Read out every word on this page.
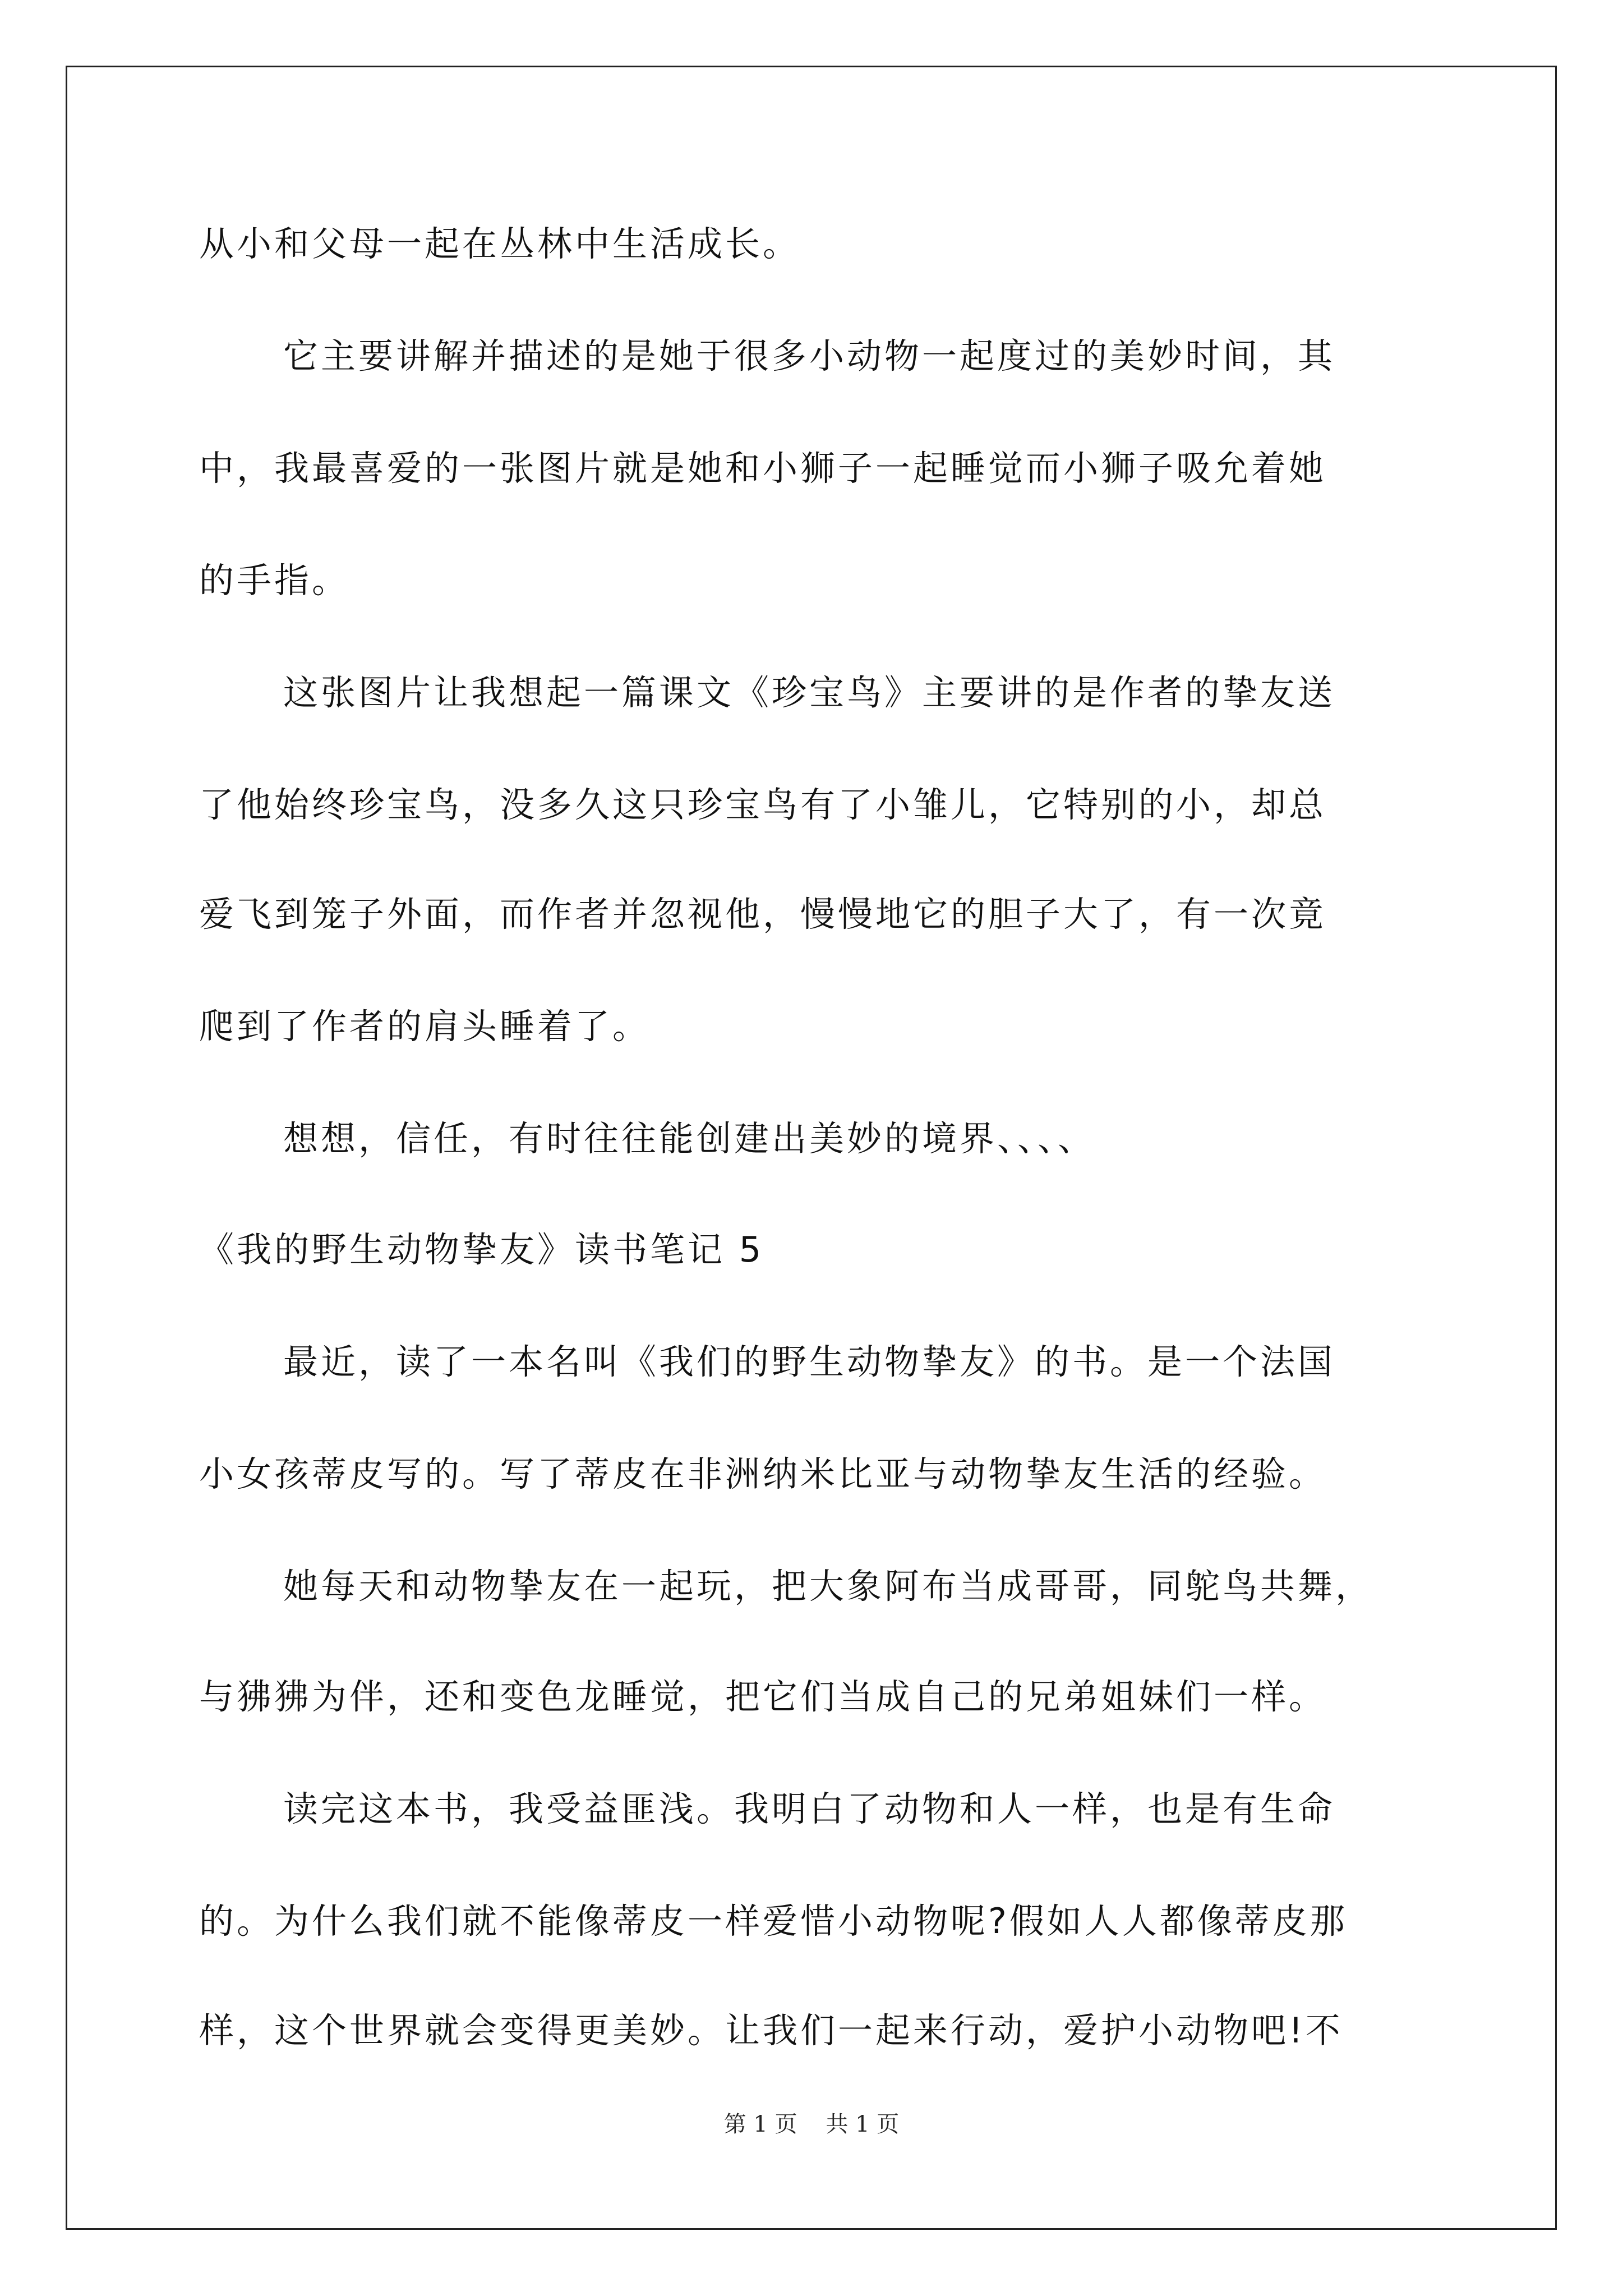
从小和父母一起在丛林中生活成长。
它主要讲解并描述的是她于很多小动物一起度过的美妙时间，其
中，我最喜爱的一张图片就是她和小狮子一起睡觉而小狮子吸允着她
的手指。
这张图片让我想起一篇课文《珍宝鸟》主要讲的是作者的挚友送
了他始终珍宝鸟，没多久这只珍宝鸟有了小雏儿，它特别的小，却总
爱飞到笼子外面，而作者并忽视他，慢慢地它的胆子大了，有一次竟
爬到了作者的肩头睡着了。
想想，信任，有时往往能创建出美妙的境界、、、、
《我的野生动物挚友》读书笔记 5
最近，读了一本名叫《我们的野生动物挚友》的书。是一个法国
小女孩蒂皮写的。写了蒂皮在非洲纳米比亚与动物挚友生活的经验。
她每天和动物挚友在一起玩，把大象阿布当成哥哥，同鸵鸟共舞，
与狒狒为伴，还和变色龙睡觉，把它们当成自己的兄弟姐妹们一样。
读完这本书，我受益匪浅。我明白了动物和人一样，也是有生命
的。为什么我们就不能像蒂皮一样爱惜小动物呢?假如人人都像蒂皮那
样，这个世界就会变得更美妙。让我们一起来行动，爱护小动物吧!不
第 1 页    共 1 页
